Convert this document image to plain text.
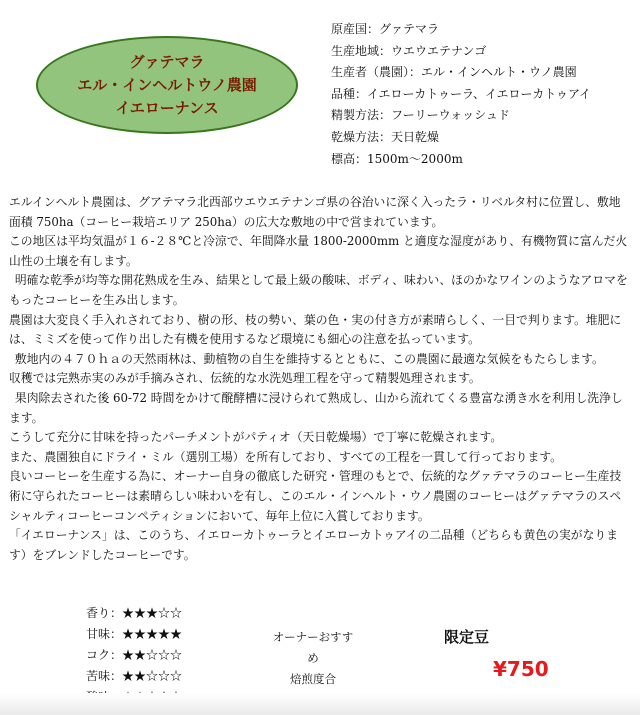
グァテマラ
エル・インヘルトウノ農園
イエローナンス
原産国：グァテマラ
生産地域：ウエウエテナンゴ
生産者（農園）：エル・インヘルト・ウノ農園
品種：イエローカトゥーラ、イエローカトゥアイ
精製方法：フーリーウォッシュド
乾燥方法：天日乾燥
標高：1500m～2000m

エルインヘルト農園は、グアテマラ北西部ウエウエテナンゴ県の谷治いに深く入ったラ・リベルタ村に位置し、敷地面積 750ha（コーヒー栽培エリア 250ha）の広大な敷地の中で営まれています。

この地区は平均気温が１６-２８℃と冷涼で、年間降水量 1800-2000mm と適度な湿度があり、有機物質に富んだ火山性の土壌を有します。

明確な乾季が均等な開花熟成を生み、結果として最上級の酸味、ボディ、味わい、ほのかなワインのようなアロマをもったコーヒーを生み出します。

農園は大変良く手入れされており、樹の形、枝の勢い、葉の色・実の付き方が素晴らしく、一目で判ります。堆肥には、ミミズを使って作り出した有機を使用するなど環境にも細心の注意を払っています。

敷地内の４７０ｈａの天然雨林は、動植物の自生を維持するとともに、この農園に最適な気候をもたらします。

収穫では完熟赤実のみが手摘みされ、伝統的な水洗処理工程を守って精製処理されます。

果肉除去された後 60-72 時間をかけて醗酵槽に浸けられて熟成し、山から流れてくる豊富な湧き水を利用し洗浄します。

こうして充分に甘味を持ったパーチメントがパティオ（天日乾燥場）で丁寧に乾燥されます。

また、農園独自にドライ・ミル（選別工場）を所有しており、すべての工程を一貫して行っております。

良いコーヒーを生産する為に、オーナー自身の徹底した研究・管理のもとで、伝統的なグァテマラのコーヒー生産技術に守られたコーヒーは素晴らしい味わいを有し、このエル・インヘルト・ウノ農園のコーヒーはグァテマラのスペシャルティコーヒーコンペティションにおいて、毎年上位に入賞しております。

「イエローナンス」は、このうち、イエローカトゥーラとイエローカトゥアイの二品種（どちらも黄色の実がなります）をブレンドしたコーヒーです。

香り：★★★☆☆
甘味：★★★★★
コク：★★☆☆☆
苦味：★★☆☆☆
オーナーおすすめ
焙煎度合
限定豆
¥750
